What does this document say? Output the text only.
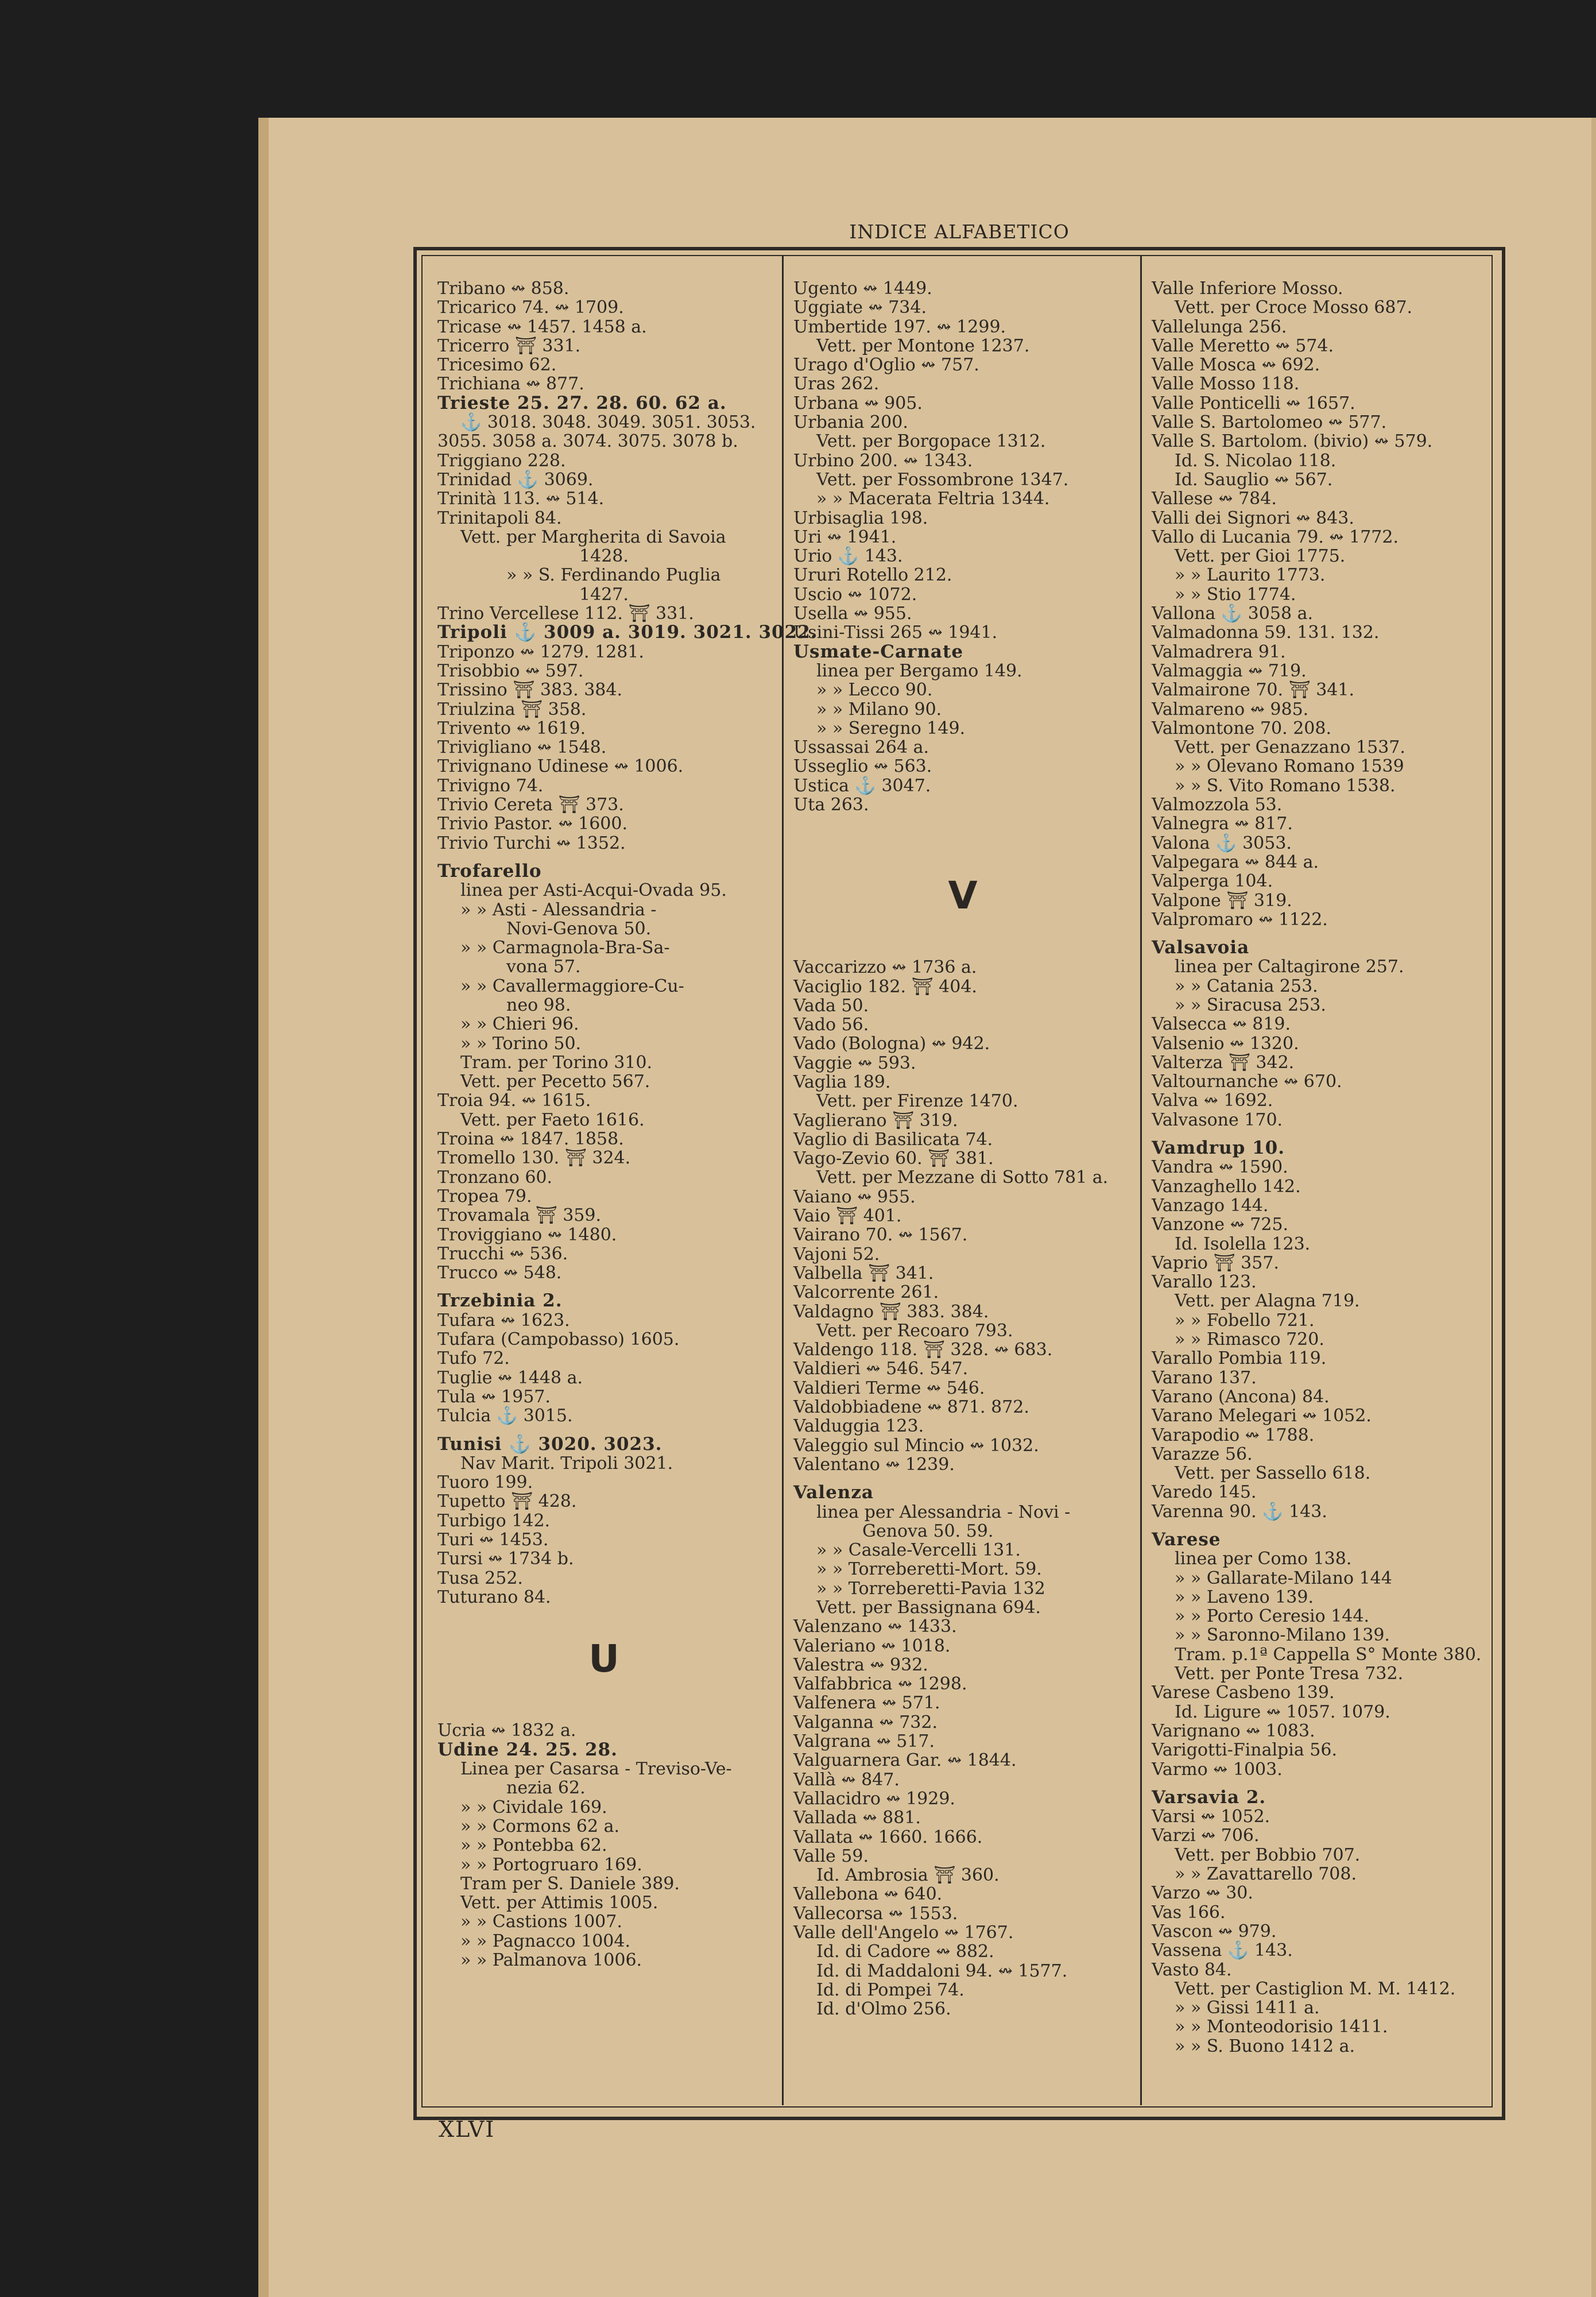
INDICE ALFABETICO
Tribano ↭ 858.
Tricarico 74. ↭ 1709.
Tricase ↭ 1457. 1458 a.
Tricerro ⛩ 331.
Tricesimo 62.
Trichiana ↭ 877.
Trieste 25. 27. 28. 60. 62 a.
⚓ 3018. 3048. 3049. 3051. 3053.
3055. 3058 a. 3074. 3075. 3078 b.
Triggiano 228.
Trinidad ⚓ 3069.
Trinità 113. ↭ 514.
Trinitapoli 84.
Vett. per Margherita di Savoia
1428.
» » S. Ferdinando Puglia
1427.
Trino Vercellese 112. ⛩ 331.
Tripoli ⚓ 3009 a. 3019. 3021. 3022.
Triponzo ↭ 1279. 1281.
Trisobbio ↭ 597.
Trissino ⛩ 383. 384.
Triulzina ⛩ 358.
Trivento ↭ 1619.
Trivigliano ↭ 1548.
Trivignano Udinese ↭ 1006.
Trivigno 74.
Trivio Cereta ⛩ 373.
Trivio Pastor. ↭ 1600.
Trivio Turchi ↭ 1352.
Trofarello
linea per Asti-Acqui-Ovada 95.
» » Asti - Alessandria -
Novi-Genova 50.
» » Carmagnola-Bra-Sa-
vona 57.
» » Cavallermaggiore-Cu-
neo 98.
» » Chieri 96.
» » Torino 50.
Tram. per Torino 310.
Vett. per Pecetto 567.
Troia 94. ↭ 1615.
Vett. per Faeto 1616.
Troina ↭ 1847. 1858.
Tromello 130. ⛩ 324.
Tronzano 60.
Tropea 79.
Trovamala ⛩ 359.
Troviggiano ↭ 1480.
Trucchi ↭ 536.
Trucco ↭ 548.
Trzebinia 2.
Tufara ↭ 1623.
Tufara (Campobasso) 1605.
Tufo 72.
Tuglie ↭ 1448 a.
Tula ↭ 1957.
Tulcia ⚓ 3015.
Tunisi ⚓ 3020. 3023.
Nav Marit. Tripoli 3021.
Tuoro 199.
Tupetto ⛩ 428.
Turbigo 142.
Turi ↭ 1453.
Tursi ↭ 1734 b.
Tusa 252.
Tuturano 84.
U
Ucria ↭ 1832 a.
Udine 24. 25. 28.
Linea per Casarsa - Treviso-Ve-
nezia 62.
» » Cividale 169.
» » Cormons 62 a.
» » Pontebba 62.
» » Portogruaro 169.
Tram per S. Daniele 389.
Vett. per Attimis 1005.
» » Castions 1007.
» » Pagnacco 1004.
» » Palmanova 1006.
Ugento ↭ 1449.
Uggiate ↭ 734.
Umbertide 197. ↭ 1299.
Vett. per Montone 1237.
Urago d'Oglio ↭ 757.
Uras 262.
Urbana ↭ 905.
Urbania 200.
Vett. per Borgopace 1312.
Urbino 200. ↭ 1343.
Vett. per Fossombrone 1347.
» » Macerata Feltria 1344.
Urbisaglia 198.
Uri ↭ 1941.
Urio ⚓ 143.
Ururi Rotello 212.
Uscio ↭ 1072.
Usella ↭ 955.
Usini-Tissi 265 ↭ 1941.
Usmate-Carnate
linea per Bergamo 149.
» » Lecco 90.
» » Milano 90.
» » Seregno 149.
Ussassai 264 a.
Usseglio ↭ 563.
Ustica ⚓ 3047.
Uta 263.
V
Vaccarizzo ↭ 1736 a.
Vaciglio 182. ⛩ 404.
Vada 50.
Vado 56.
Vado (Bologna) ↭ 942.
Vaggie ↭ 593.
Vaglia 189.
Vett. per Firenze 1470.
Vaglierano ⛩ 319.
Vaglio di Basilicata 74.
Vago-Zevio 60. ⛩ 381.
Vett. per Mezzane di Sotto 781 a.
Vaiano ↭ 955.
Vaio ⛩ 401.
Vairano 70. ↭ 1567.
Vajoni 52.
Valbella ⛩ 341.
Valcorrente 261.
Valdagno ⛩ 383. 384.
Vett. per Recoaro 793.
Valdengo 118. ⛩ 328. ↭ 683.
Valdieri ↭ 546. 547.
Valdieri Terme ↭ 546.
Valdobbiadene ↭ 871. 872.
Valduggia 123.
Valeggio sul Mincio ↭ 1032.
Valentano ↭ 1239.
Valenza
linea per Alessandria - Novi -
Genova 50. 59.
» » Casale-Vercelli 131.
» » Torreberetti-Mort. 59.
» » Torreberetti-Pavia 132
Vett. per Bassignana 694.
Valenzano ↭ 1433.
Valeriano ↭ 1018.
Valestra ↭ 932.
Valfabbrica ↭ 1298.
Valfenera ↭ 571.
Valganna ↭ 732.
Valgrana ↭ 517.
Valguarnera Gar. ↭ 1844.
Vallà ↭ 847.
Vallacidro ↭ 1929.
Vallada ↭ 881.
Vallata ↭ 1660. 1666.
Valle 59.
Id. Ambrosia ⛩ 360.
Vallebona ↭ 640.
Vallecorsa ↭ 1553.
Valle dell'Angelo ↭ 1767.
Id. di Cadore ↭ 882.
Id. di Maddaloni 94. ↭ 1577.
Id. di Pompei 74.
Id. d'Olmo 256.
Valle Inferiore Mosso.
Vett. per Croce Mosso 687.
Vallelunga 256.
Valle Meretto ↭ 574.
Valle Mosca ↭ 692.
Valle Mosso 118.
Valle Ponticelli ↭ 1657.
Valle S. Bartolomeo ↭ 577.
Valle S. Bartolom. (bivio) ↭ 579.
Id. S. Nicolao 118.
Id. Sauglio ↭ 567.
Vallese ↭ 784.
Valli dei Signori ↭ 843.
Vallo di Lucania 79. ↭ 1772.
Vett. per Gioi 1775.
» » Laurito 1773.
» » Stio 1774.
Vallona ⚓ 3058 a.
Valmadonna 59. 131. 132.
Valmadrera 91.
Valmaggia ↭ 719.
Valmairone 70. ⛩ 341.
Valmareno ↭ 985.
Valmontone 70. 208.
Vett. per Genazzano 1537.
» » Olevano Romano 1539
» » S. Vito Romano 1538.
Valmozzola 53.
Valnegra ↭ 817.
Valona ⚓ 3053.
Valpegara ↭ 844 a.
Valperga 104.
Valpone ⛩ 319.
Valpromaro ↭ 1122.
Valsavoia
linea per Caltagirone 257.
» » Catania 253.
» » Siracusa 253.
Valsecca ↭ 819.
Valsenio ↭ 1320.
Valterza ⛩ 342.
Valtournanche ↭ 670.
Valva ↭ 1692.
Valvasone 170.
Vamdrup 10.
Vandra ↭ 1590.
Vanzaghello 142.
Vanzago 144.
Vanzone ↭ 725.
Id. Isolella 123.
Vaprio ⛩ 357.
Varallo 123.
Vett. per Alagna 719.
» » Fobello 721.
» » Rimasco 720.
Varallo Pombia 119.
Varano 137.
Varano (Ancona) 84.
Varano Melegari ↭ 1052.
Varapodio ↭ 1788.
Varazze 56.
Vett. per Sassello 618.
Varedo 145.
Varenna 90. ⚓ 143.
Varese
linea per Como 138.
» » Gallarate-Milano 144
» » Laveno 139.
» » Porto Ceresio 144.
» » Saronno-Milano 139.
Tram. p.1ª Cappella S° Monte 380.
Vett. per Ponte Tresa 732.
Varese Casbeno 139.
Id. Ligure ↭ 1057. 1079.
Varignano ↭ 1083.
Varigotti-Finalpia 56.
Varmo ↭ 1003.
Varsavia 2.
Varsi ↭ 1052.
Varzi ↭ 706.
Vett. per Bobbio 707.
» » Zavattarello 708.
Varzo ↭ 30.
Vas 166.
Vascon ↭ 979.
Vassena ⚓ 143.
Vasto 84.
Vett. per Castiglion M. M. 1412.
» » Gissi 1411 a.
» » Monteodorisio 1411.
» » S. Buono 1412 a.
XLVI
